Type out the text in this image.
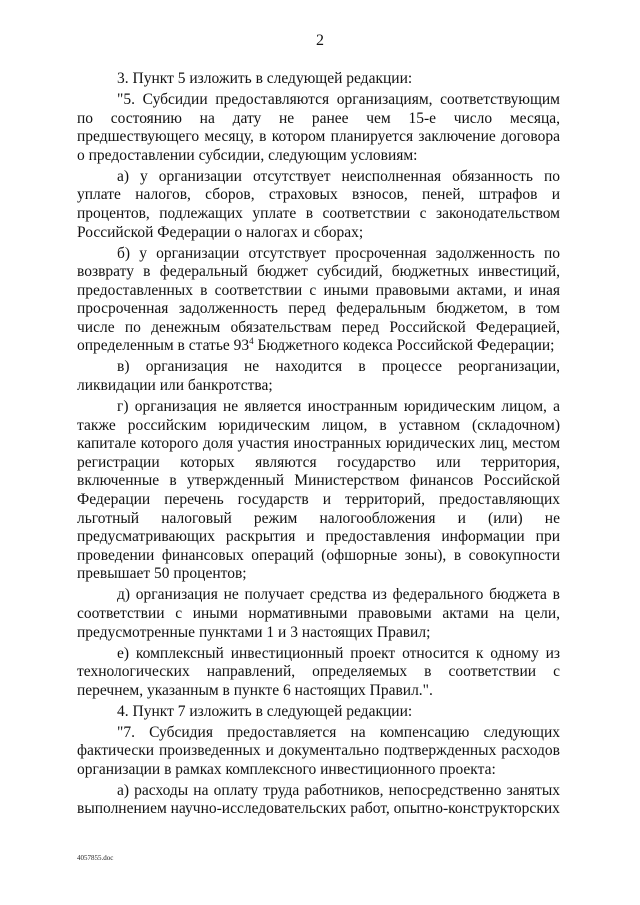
2

3. Пункт 5 изложить в следующей редакции:

"5. Субсидии предоставляются организациям, соответствующим по состоянию на дату не ранее чем 15-е число месяца, предшествующего месяцу, в котором планируется заключение договора о предоставлении субсидии, следующим условиям:

а) у организации отсутствует неисполненная обязанность по уплате налогов, сборов, страховых взносов, пеней, штрафов и процентов, подлежащих уплате в соответствии с законодательством Российской Федерации о налогах и сборах;

б) у организации отсутствует просроченная задолженность по возврату в федеральный бюджет субсидий, бюджетных инвестиций, предоставленных в соответствии с иными правовыми актами, и иная просроченная задолженность перед федеральным бюджетом, в том числе по денежным обязательствам перед Российской Федерацией, определенным в статье $93^4$ Бюджетного кодекса Российской Федерации;

в) организация не находится в процессе реорганизации, ликвидации или банкротства;

г) организация не является иностранным юридическим лицом, а также российским юридическим лицом, в уставном (складочном) капитале которого доля участия иностранных юридических лиц, местом регистрации которых являются государство или территория, включенные в утвержденный Министерством финансов Российской Федерации перечень государств и территорий, предоставляющих льготный налоговый режим налогообложения и (или) не предусматривающих раскрытия и предоставления информации при проведении финансовых операций (офшорные зоны), в совокупности превышает 50 процентов;

д) организация не получает средства из федерального бюджета в соответствии с иными нормативными правовыми актами на цели, предусмотренные пунктами 1 и 3 настоящих Правил;

е) комплексный инвестиционный проект относится к одному из технологических направлений, определяемых в соответствии с перечнем, указанным в пункте 6 настоящих Правил.".

4. Пункт 7 изложить в следующей редакции:

"7. Субсидия предоставляется на компенсацию следующих фактически произведенных и документально подтвержденных расходов организации в рамках комплексного инвестиционного проекта:

а) расходы на оплату труда работников, непосредственно занятых выполнением научно-исследовательских работ, опытно-конструкторских

4057855.doc
